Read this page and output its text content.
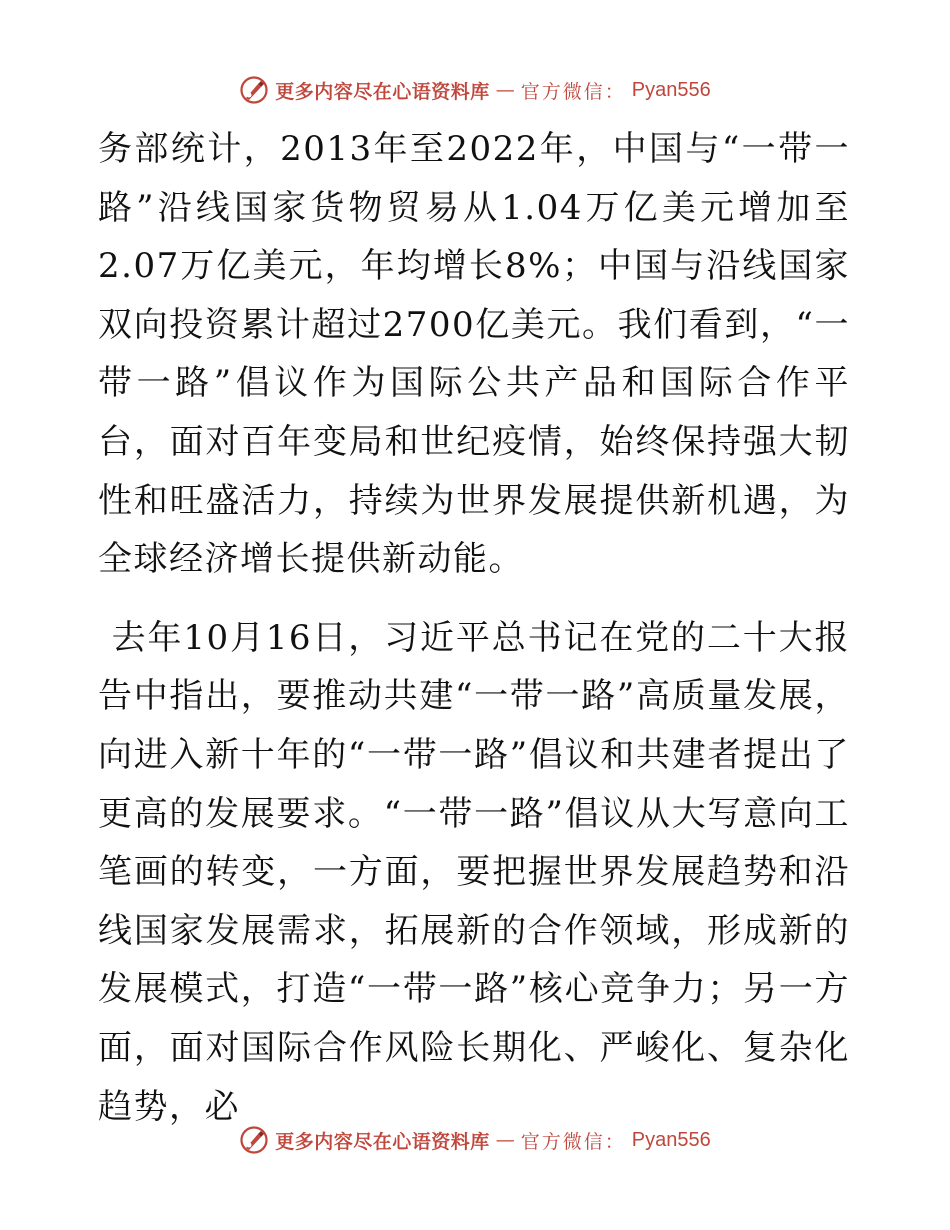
更多内容尽在心语资料库 — 官方微信： Pyan556

务部统计，2013年至2022年，中国与“一带一路”沿线国家货物贸易从1.04万亿美元增加至2.07万亿美元，年均增长8%；中国与沿线国家双向投资累计超过2700亿美元。我们看到，“一带一路”倡议作为国际公共产品和国际合作平台，面对百年变局和世纪疫情，始终保持强大韧性和旺盛活力，持续为世界发展提供新机遇，为全球经济增长提供新动能。

去年10月16日，习近平总书记在党的二十大报告中指出，要推动共建“一带一路”高质量发展，向进入新十年的“一带一路”倡议和共建者提出了更高的发展要求。“一带一路”倡议从大写意向工笔画的转变，一方面，要把握世界发展趋势和沿线国家发展需求，拓展新的合作领域，形成新的发展模式，打造“一带一路”核心竞争力；另一方面，面对国际合作风险长期化、严峻化、复杂化趋势，必

更多内容尽在心语资料库 — 官方微信： Pyan556
